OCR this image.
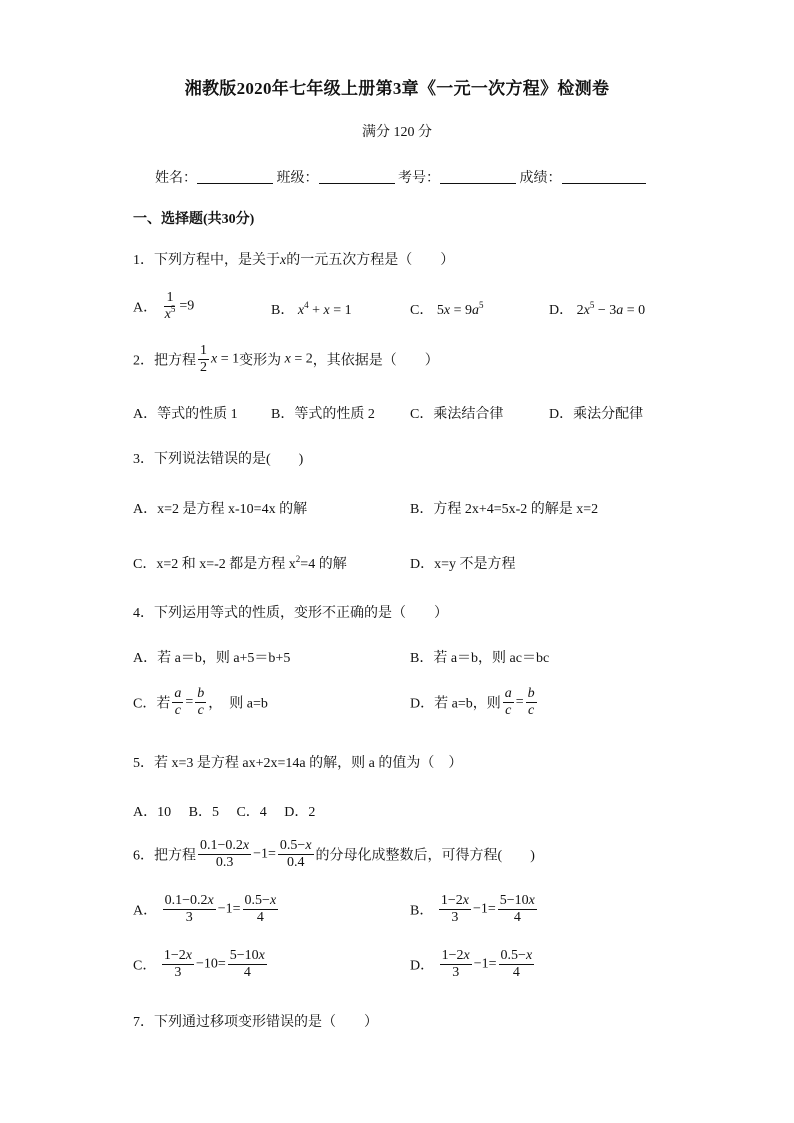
湘教版2020年七年级上册第3章《一元一次方程》检测卷
满分 120 分
姓名：	班级：	考号：	成绩：
一、选择题(共30分)
1．下列方程中，是关于x的一元五次方程是（　　）
A． $\frac{1}{x^5} =9$	B． $x^4 + x = 1$	C． $5x = 9a^5$	D． $2x^5 - 3a = 0$
2．把方程 $\frac{1}{2}$ x = 1变形为 x = 2，其依据是（　　）
A．等式的性质 1 B．等式的性质 2	C．乘法结合律	D．乘法分配律
3．下列说法错误的是(　　)
A．x=2 是方程 x-10=4x 的解	B．方程 2x+4=5x-2 的解是 x=2
C．x=2 和 x=-2 都是方程 $x^2=4$ 的解	D．x=y 不是方程
4．下列运用等式的性质，变形不正确的是（　　）
A．若 a＝b，则 a+5＝b+5	B．若 a＝b，则 ac＝bc
C．若 $\frac{a}{c} = \frac{b}{c}$ ，　则 a=b	D．若 a=b，则 $\frac{a}{c} = \frac{b}{c}$
5．若 x=3 是方程 ax+2x=14a 的解，则 a 的值为（　）
A．10　 B．5　 C．4　 D．2
6．把方程 $\frac{0.1-0.2x}{0.3} -1= \frac{0.5-x}{0.4}$ 的分母化成整数后，可得方程(　　)
A． $\frac{0.1-0.2x}{3} -1= \frac{0.5-x}{4}$	B． $\frac{1-2x}{3} -1= \frac{5-10x}{4}$
C． $\frac{1-2x}{3} -10= \frac{5-10x}{4}$	D． $\frac{1-2x}{3} -1= \frac{0.5-x}{4}$
7．下列通过移项变形错误的是（　　）
